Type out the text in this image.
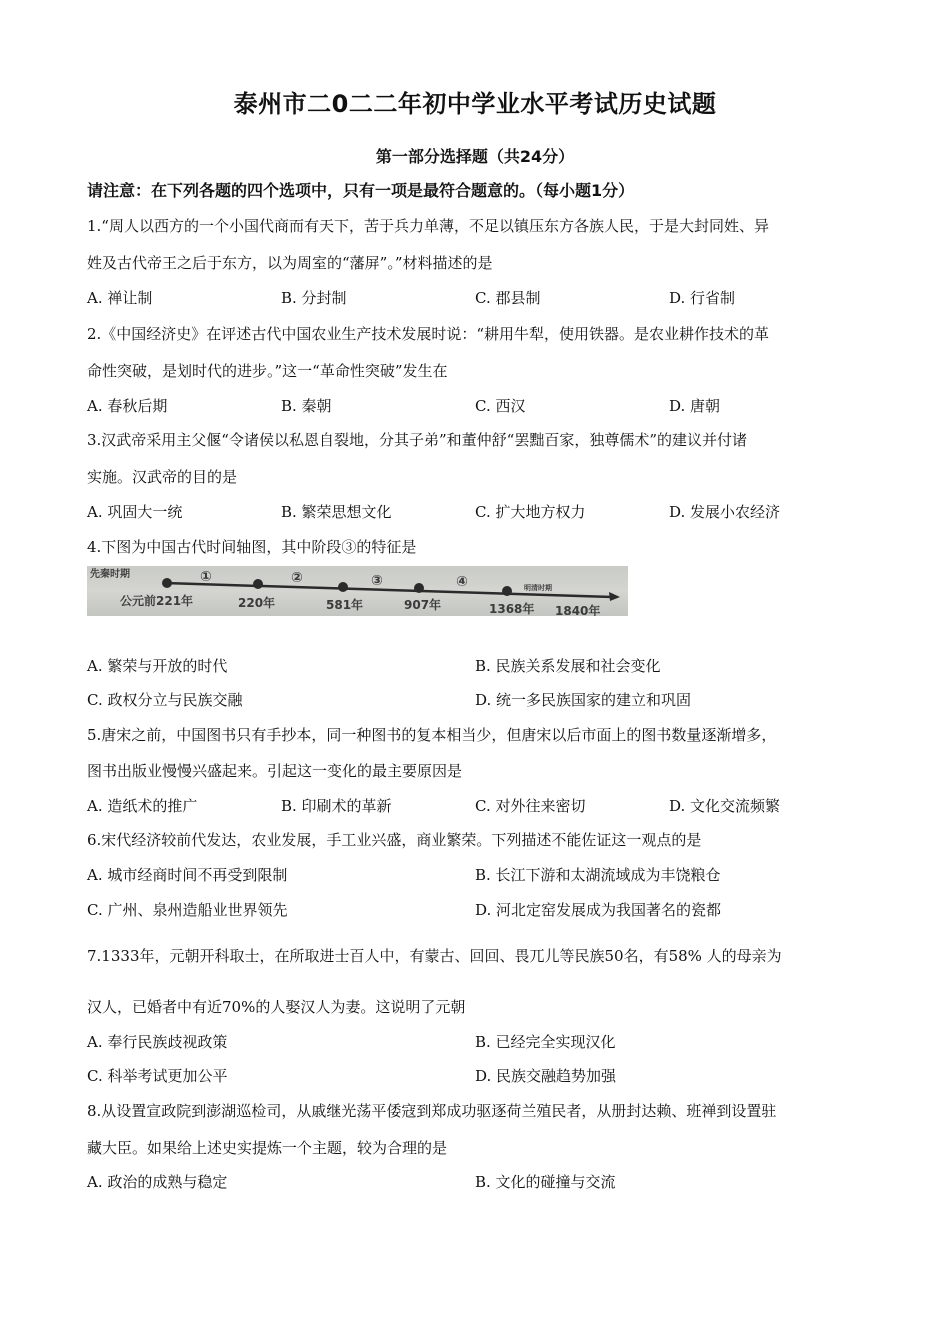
泰州市二0二二年初中学业水平考试历史试题
第一部分选择题（共24分）
请注意：在下列各题的四个选项中，只有一项是最符合题意的。（每小题1分）
1.“周人以西方的一个小国代商而有天下，苦于兵力单薄，不足以镇压东方各族人民，于是大封同姓、异
姓及古代帝王之后于东方，以为周室的“藩屏”。”材料描述的是
A. 禅让制	B. 分封制	C. 郡县制	D. 行省制
2.《中国经济史》在评述古代中国农业生产技术发展时说：“耕用牛犁，使用铁器。是农业耕作技术的革
命性突破，是划时代的进步。”这一“革命性突破”发生在
A. 春秋后期	B. 秦朝	C. 西汉	D. 唐朝
3.汉武帝采用主父偃“令诸侯以私恩自裂地，分其子弟”和董仲舒“罢黜百家，独尊儒术”的建议并付诸
实施。汉武帝的目的是
A. 巩固大一统	B. 繁荣思想文化	C. 扩大地方权力	D. 发展小农经济
4.下图为中国古代时间轴图，其中阶段③的特征是
先秦时期
明清时期
①	②	③	④
公元前221年	220年	581年	907年	1368年 1840年
A. 繁荣与开放的时代	B. 民族关系发展和社会变化
C. 政权分立与民族交融	D. 统一多民族国家的建立和巩固
5.唐宋之前，中国图书只有手抄本，同一种图书的复本相当少，但唐宋以后市面上的图书数量逐渐增多，
图书出版业慢慢兴盛起来。引起这一变化的最主要原因是
A. 造纸术的推广	B. 印刷术的革新	C. 对外往来密切	D. 文化交流频繁
6.宋代经济较前代发达，农业发展，手工业兴盛，商业繁荣。下列描述不能佐证这一观点的是
A. 城市经商时间不再受到限制	B. 长江下游和太湖流域成为丰饶粮仓
C. 广州、泉州造船业世界领先	D. 河北定窑发展成为我国著名的瓷都
7.1333年，元朝开科取士，在所取进士百人中，有蒙古、回回、畏兀儿等民族50名，有58% 人的母亲为
汉人，已婚者中有近70%的人娶汉人为妻。这说明了元朝
A. 奉行民族歧视政策	B. 已经完全实现汉化
C. 科举考试更加公平	D. 民族交融趋势加强
8.从设置宣政院到澎湖巡检司，从戚继光荡平倭寇到郑成功驱逐荷兰殖民者，从册封达赖、班禅到设置驻
藏大臣。如果给上述史实提炼一个主题，较为合理的是
A. 政治的成熟与稳定	B. 文化的碰撞与交流
